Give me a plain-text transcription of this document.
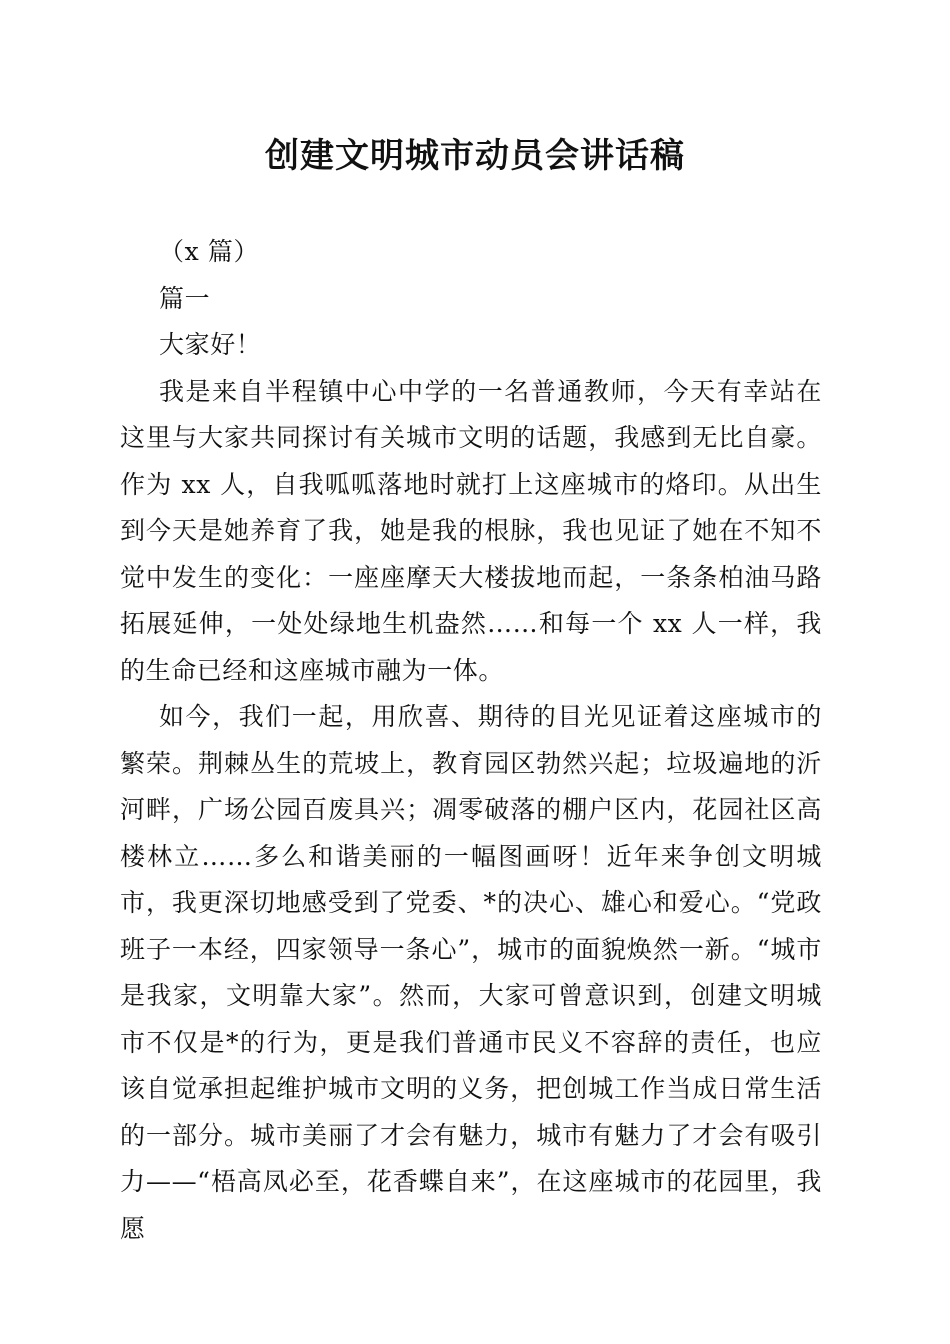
创建文明城市动员会讲话稿

（x 篇）

篇一

大家好！

我是来自半程镇中心中学的一名普通教师，今天有幸站在这里与大家共同探讨有关城市文明的话题，我感到无比自豪。作为 xx 人，自我呱呱落地时就打上这座城市的烙印。从出生到今天是她养育了我，她是我的根脉，我也见证了她在不知不觉中发生的变化：一座座摩天大楼拔地而起，一条条柏油马路拓展延伸，一处处绿地生机盎然……和每一个 xx 人一样，我的生命已经和这座城市融为一体。

如今，我们一起，用欣喜、期待的目光见证着这座城市的繁荣。荆棘丛生的荒坡上，教育园区勃然兴起；垃圾遍地的沂河畔，广场公园百废具兴；凋零破落的棚户区内，花园社区高楼林立……多么和谐美丽的一幅图画呀！近年来争创文明城市，我更深切地感受到了党委、*的决心、雄心和爱心。“党政班子一本经，四家领导一条心”，城市的面貌焕然一新。“城市是我家，文明靠大家”。然而，大家可曾意识到，创建文明城市不仅是*的行为，更是我们普通市民义不容辞的责任，也应该自觉承担起维护城市文明的义务，把创城工作当成日常生活的一部分。城市美丽了才会有魅力，城市有魅力了才会有吸引力——“梧高凤必至，花香蝶自来”，在这座城市的花园里，我愿
